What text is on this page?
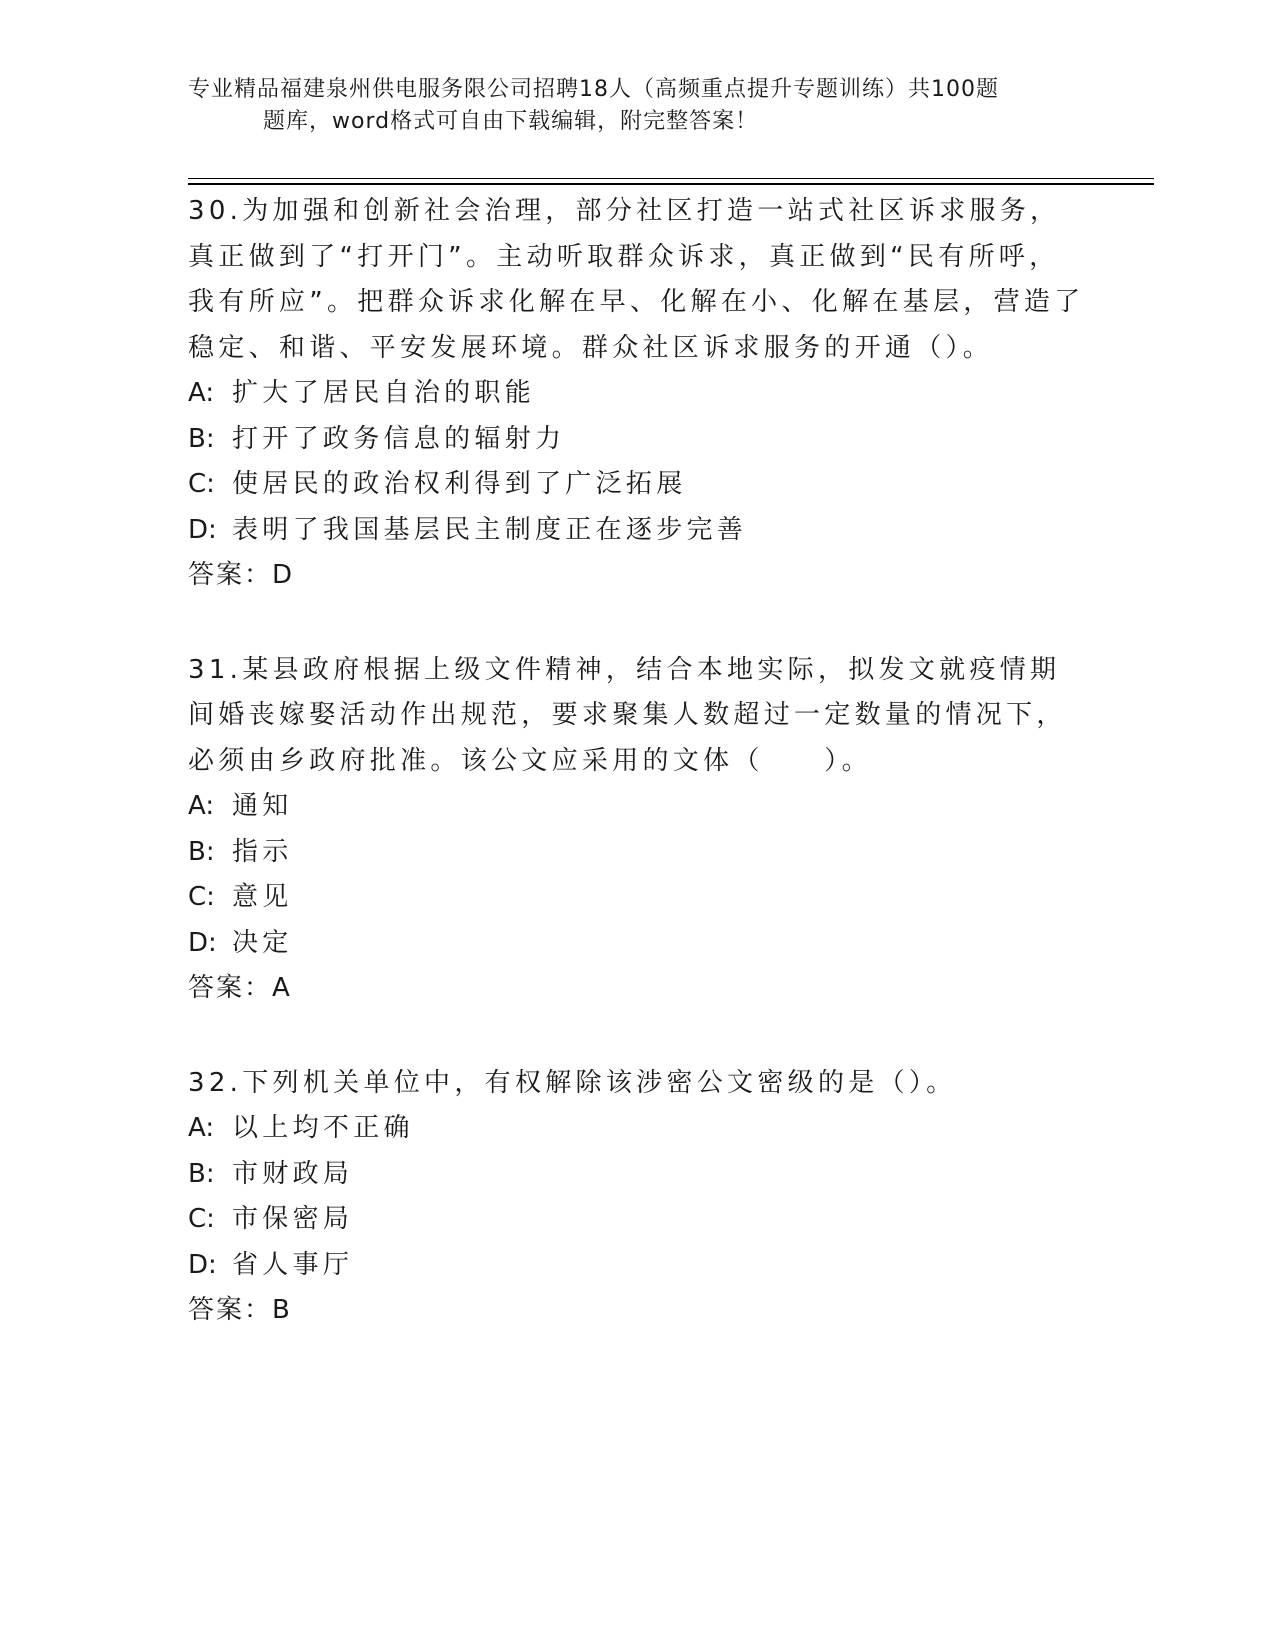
专业精品福建泉州供电服务限公司招聘18人（高频重点提升专题训练）共100题
题库，word格式可自由下载编辑，附完整答案！

30.为加强和创新社会治理，部分社区打造一站式社区诉求服务，真正做到了“打开门”。主动听取群众诉求，真正做到“民有所呼，我有所应”。把群众诉求化解在早、化解在小、化解在基层，营造了稳定、和谐、平安发展环境。群众社区诉求服务的开通（）。

A: 扩大了居民自治的职能
B: 打开了政务信息的辐射力
C: 使居民的政治权利得到了广泛拓展
D: 表明了我国基层民主制度正在逐步完善
答案：D

31.某县政府根据上级文件精神，结合本地实际，拟发文就疫情期间婚丧嫁娶活动作出规范，要求聚集人数超过一定数量的情况下，必须由乡政府批准。该公文应采用的文体（　　）。

A: 通知
B: 指示
C: 意见
D: 决定
答案：A

32.下列机关单位中，有权解除该涉密公文密级的是（）。

A: 以上均不正确
B: 市财政局
C: 市保密局
D: 省人事厅
答案：B
